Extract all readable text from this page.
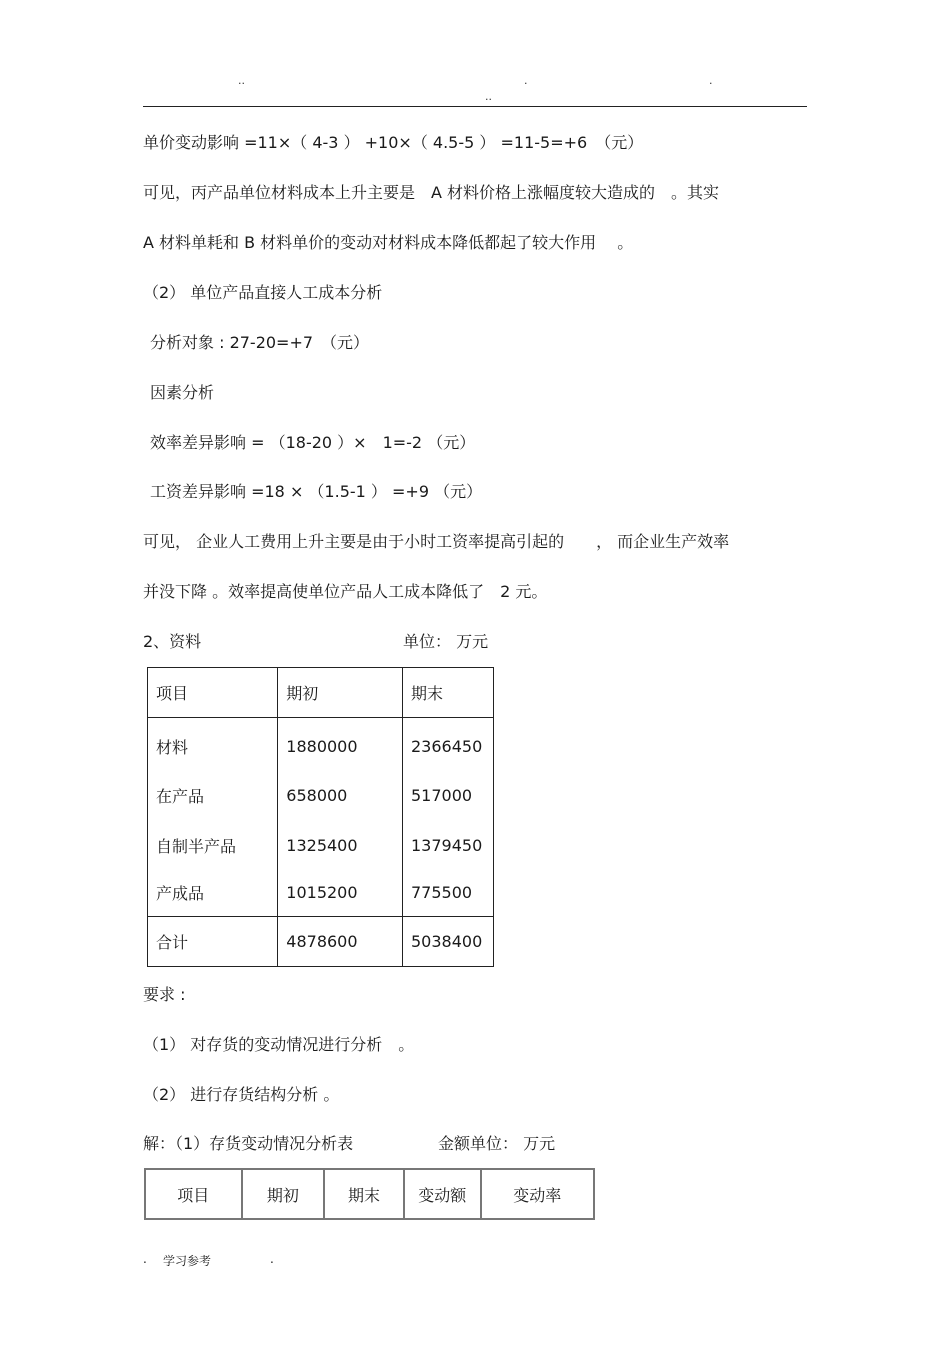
..	.	.
..
单价变动影响 =11×（ 4-3 ） +10×（ 4.5-5 ） =11-5=+6　（元）
可见，丙产品单位材料成本上升主要是　A 材料价格上涨幅度较大造成的　。其实
A 材料单耗和 B 材料单价的变动对材料成本降低都起了较大作用　 。
（2） 单位产品直接人工成本分析
分析对象 : 27-20=+7　（元）
因素分析
效率差异影响 = （18-20 ）×　1=-2 （元）
工资差异影响 =18 × （1.5-1 ） =+9 （元）
可见， 企业人工费用上升主要是由于小时工资率提高引起的　　， 而企业生产效率
并没下降 。效率提高使单位产品人工成本降低了　2 元。
2、资料	单位： 万元
项目	期初	期末
材料	1880000	2366450
在产品	658000	517000
自制半产品	1325400	1379450
产成品	1015200	775500
合计	4878600	5038400
要求 :
（1） 对存货的变动情况进行分析　。
（2） 进行存货结构分析 。
解：（1）存货变动情况分析表	金额单位： 万元
项目	期初	期末	变动额	变动率
. 学习参考	.
